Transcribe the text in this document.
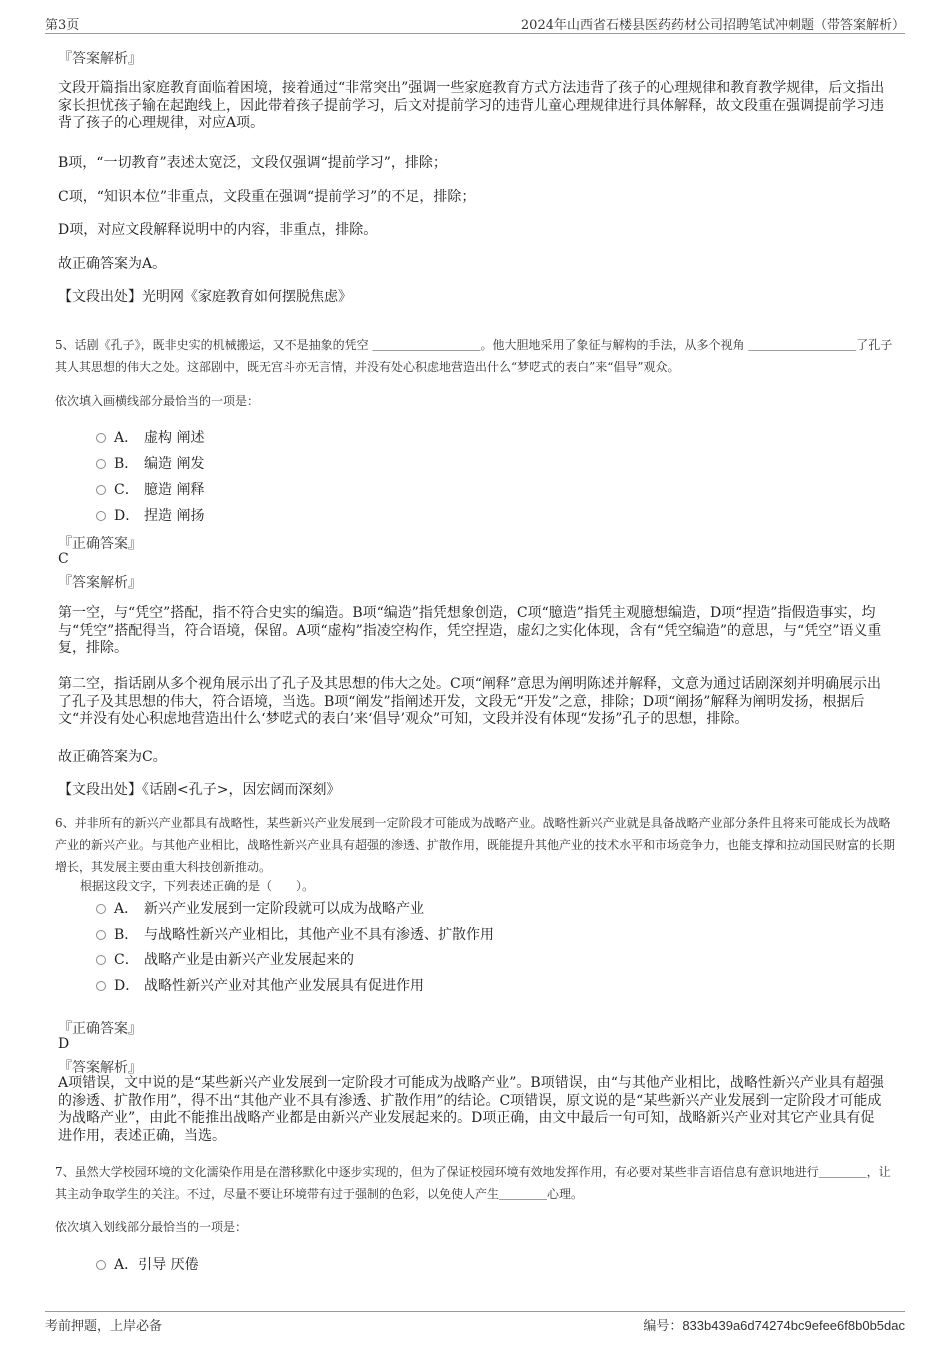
第3页	2024年山西省石楼县医药药材公司招聘笔试冲刺题（带答案解析）
『答案解析』
文段开篇指出家庭教育面临着困境，接着通过“非常突出”强调一些家庭教育方式方法违背了孩子的心理规律和教育教学规律，后文指出家长担忧孩子输在起跑线上，因此带着孩子提前学习，后文对提前学习的违背儿童心理规律进行具体解释，故文段重在强调提前学习违背了孩子的心理规律，对应A项。
B项，“一切教育”表述太宽泛，文段仅强调“提前学习”，排除；
C项，“知识本位”非重点，文段重在强调“提前学习”的不足，排除；
D项，对应文段解释说明中的内容，非重点，排除。
故正确答案为A。
【文段出处】光明网《家庭教育如何摆脱焦虑》
5、话剧《孔子》，既非史实的机械搬运，又不是抽象的凭空 ＿＿＿＿＿＿＿＿＿。他大胆地采用了象征与解构的手法，从多个视角 ＿＿＿＿＿＿＿＿＿了孔子其人其思想的伟大之处。这部剧中，既无宫斗亦无言情，并没有处心积虑地营造出什么“梦呓式的表白”来“倡导”观众。
依次填入画横线部分最恰当的一项是：
A． 虚构 阐述
B． 编造 阐发
C． 臆造 阐释
D． 捏造 阐扬
『正确答案』
C
『答案解析』
第一空，与“凭空”搭配，指不符合史实的编造。B项“编造”指凭想象创造，C项“臆造”指凭主观臆想编造，D项“捏造”指假造事实，均与“凭空”搭配得当，符合语境，保留。A项“虚构”指凌空构作，凭空捏造，虚幻之实化体现，含有“凭空编造”的意思，与“凭空”语义重复，排除。
第二空，指话剧从多个视角展示出了孔子及其思想的伟大之处。C项“阐释”意思为阐明陈述并解释，文意为通过话剧深刻并明确展示出了孔子及其思想的伟大，符合语境，当选。B项“阐发”指阐述开发，文段无“开发”之意，排除；D项“阐扬”解释为阐明发扬，根据后文“并没有处心积虑地营造出什么‘梦呓式的表白’来‘倡导’观众”可知，文段并没有体现“发扬”孔子的思想，排除。
故正确答案为C。
【文段出处】《话剧<孔子>，因宏阔而深刻》
6、并非所有的新兴产业都具有战略性，某些新兴产业发展到一定阶段才可能成为战略产业。战略性新兴产业就是具备战略产业部分条件且将来可能成长为战略产业的新兴产业。与其他产业相比，战略性新兴产业具有超强的渗透、扩散作用，既能提升其他产业的技术水平和市场竞争力，也能支撑和拉动国民财富的长期增长，其发展主要由重大科技创新推动。
根据这段文字，下列表述正确的是（　　）。
A． 新兴产业发展到一定阶段就可以成为战略产业
B． 与战略性新兴产业相比，其他产业不具有渗透、扩散作用
C． 战略产业是由新兴产业发展起来的
D． 战略性新兴产业对其他产业发展具有促进作用
『正确答案』
D
『答案解析』
A项错误，文中说的是“某些新兴产业发展到一定阶段才可能成为战略产业”。B项错误，由“与其他产业相比，战略性新兴产业具有超强的渗透、扩散作用”，得不出“其他产业不具有渗透、扩散作用”的结论。C项错误，原文说的是“某些新兴产业发展到一定阶段才可能成为战略产业”，由此不能推出战略产业都是由新兴产业发展起来的。D项正确，由文中最后一句可知，战略新兴产业对其它产业具有促进作用，表述正确，当选。
7、虽然大学校园环境的文化濡染作用是在潜移默化中逐步实现的，但为了保证校园环境有效地发挥作用，有必要对某些非言语信息有意识地进行＿＿＿＿，让其主动争取学生的关注。不过，尽量不要让环境带有过于强制的色彩，以免使人产生＿＿＿＿心理。
依次填入划线部分最恰当的一项是：
A．引导 厌倦
考前押题，上岸必备	编号：833b439a6d74274bc9efee6f8b0b5dac
